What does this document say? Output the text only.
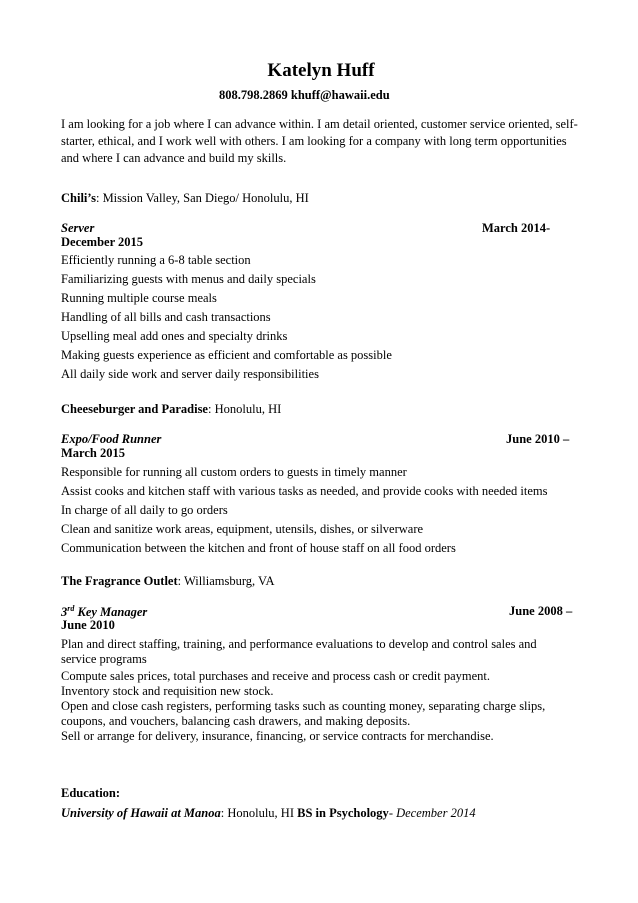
Katelyn Huff
808.798.2869 khuff@hawaii.edu
I am looking for a job where I can advance within. I am detail oriented, customer service oriented, self-starter, ethical, and I work well with others. I am looking for a company with long term opportunities and where I can advance and build my skills.
Chili’s: Mission Valley, San Diego/ Honolulu, HI
Server	March 2014-
December 2015
Efficiently running a 6-8 table section
Familiarizing guests with menus and daily specials
Running multiple course meals
Handling of all bills and cash transactions
Upselling meal add ones and specialty drinks
Making guests experience as efficient and comfortable as possible
All daily side work and server daily responsibilities
Cheeseburger and Paradise: Honolulu, HI
Expo/Food Runner	June 2010 –
March 2015
Responsible for running all custom orders to guests in timely manner
Assist cooks and kitchen staff with various tasks as needed, and provide cooks with needed items
In charge of all daily to go orders
Clean and sanitize work areas, equipment, utensils, dishes, or silverware
Communication between the kitchen and front of house staff on all food orders
The Fragrance Outlet: Williamsburg, VA
3rd Key Manager	June 2008 –
June 2010
Plan and direct staffing, training, and performance evaluations to develop and control sales and service programs
Compute sales prices, total purchases and receive and process cash or credit payment.
Inventory stock and requisition new stock.
Open and close cash registers, performing tasks such as counting money, separating charge slips, coupons, and vouchers, balancing cash drawers, and making deposits.
Sell or arrange for delivery, insurance, financing, or service contracts for merchandise.
Education:
University of Hawaii at Manoa: Honolulu, HI BS in Psychology- December 2014
